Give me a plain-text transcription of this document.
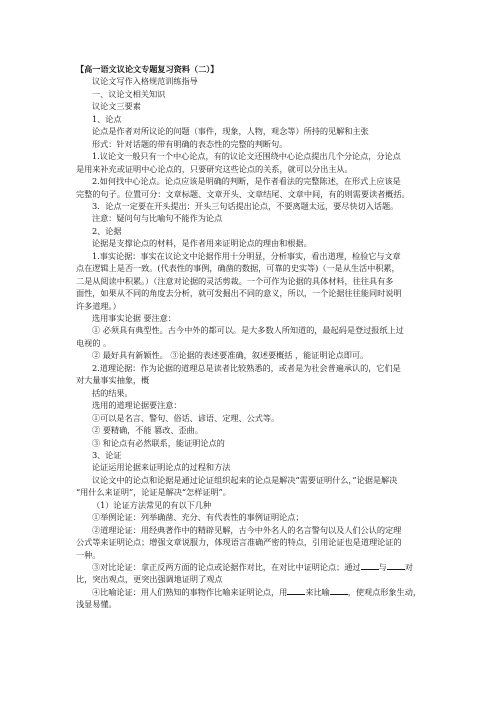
【高一语文议论文专题复习资料（二）】
议论文写作入格规范训练指导
一、议论文相关知识
议论文三要素
1、论点
论点是作者对所议论的问题（事件，现象，人物，观念等）所持的见解和主张
形式：针对话题的带有明确的表态性的完整的判断句。
1.议论文一般只有一个中心论点，有的议论文还围绕中心论点提出几个分论点，分论点
是用来补充或证明中心论点的，只要研究这些论点的关系，就可以分出主从。
2.如何找中心论点。论点应该是明确的判断，是作者看法的完整陈述，在形式上应该是
完整的句子。位置可分：文章标题、文章开头、文章结尾、文章中间，有的则需要读者概括。
3．论点一定要在开头提出：开头三句话提出论点，不要离题太远，要尽快切入话题。
注意：疑问句与比喻句不能作为论点
2、论据
论据是支撑论点的材料，是作者用来证明论点的理由和根据。
1.事实论据：事实在议论文中论据作用十分明显，分析事实，看出道理，检验它与文章
点在逻辑上是否一致。(代表性的事例，确凿的数据，可靠的史实等)（一是从生活中积累，
二是从阅读中积累。）（注意对论据的灵活剪裁。一个可作为论据的具体材料，往往具有多
面性，如果从不同的角度去分析，就可发掘出不同的意义，所以，一个论据往往能同时说明
许多道理。）
选用事实论据 要注意：
① 必须具有典型性。古今中外的都可以。是大多数人所知道的，最起码是登过报纸上过
电视的 。
② 最好具有新颖性。 ③论据的表述要准确，叙述要概括 ，能证明论点即可。
2.道理论据：作为论据的道理总是读者比较熟悉的，或者是为社会普遍承认的，它们是
对大量事实抽象，概
括的结果。
选用的道理论据要注意：
①可以是名言、警句、俗话、谚语、定理、公式等。
② 要精确，不能 篡改、歪曲。
③ 和论点有必然联系，能证明论点的
3、论证
论证运用论据来证明论点的过程和方法
议论文中的论点和论据是通过论证组织起来的论点是解决“需要证明什么，”论据是解决
“用什么来证明”，论证是解决“怎样证明”。
（1）论证方法常见的有以下几种
①举例论证：列举确凿、充分、有代表性的事例证明论点；
②道理论证：用经典著作中的精辟见解，古今中外名人的名言警句以及人们公认的定理
公式等来证明论点；增强文章说服力，体现语言准确严密的特点，引用论证也是道理论证的
一种。
③对比论证：拿正反两方面的论点或论据作对比，在对比中证明论点；通过 与 对
比，突出观点，更突出强调地证明了观点
④比喻论证：用人们熟知的事物作比喻来证明论点，用 来比喻 ，使观点形象生动，
浅显易懂。
